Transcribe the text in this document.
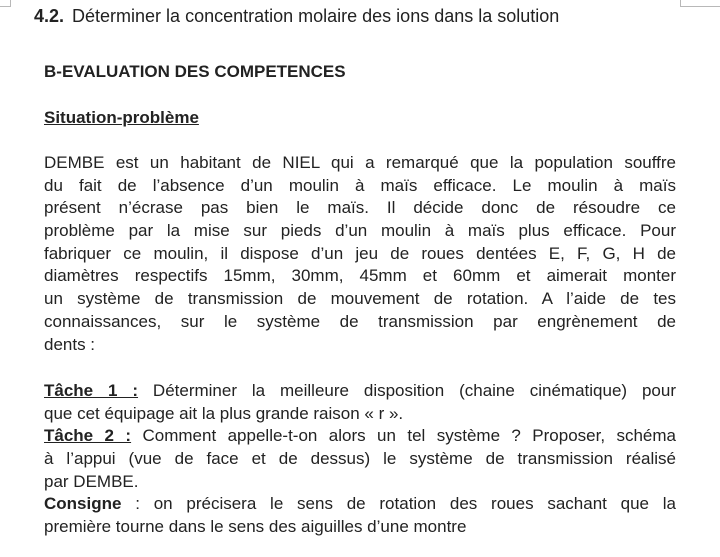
4.2. Déterminer la concentration molaire des ions dans la solution
B-EVALUATION DES COMPETENCES
Situation-problème
DEMBE est un habitant de NIEL qui a remarqué que la population souffre
du fait de l’absence d’un moulin à maïs efficace. Le moulin à maïs
présent n’écrase pas bien le maïs. Il décide donc de résoudre ce
problème par la mise sur pieds d’un moulin à maïs plus efficace. Pour
fabriquer ce moulin, il dispose d’un jeu de roues dentées E, F, G, H de
diamètres respectifs 15mm, 30mm, 45mm et 60mm et aimerait monter
un système de transmission de mouvement de rotation. A l’aide de tes
connaissances, sur le système de transmission par engrènement de
dents :
Tâche 1 : Déterminer la meilleure disposition (chaine cinématique) pour
que cet équipage ait la plus grande raison « r ».
Tâche 2 : Comment appelle-t-on alors un tel système ? Proposer, schéma
à l’appui (vue de face et de dessus) le système de transmission réalisé
par DEMBE.
Consigne : on précisera le sens de rotation des roues sachant que la
première tourne dans le sens des aiguilles d’une montre
